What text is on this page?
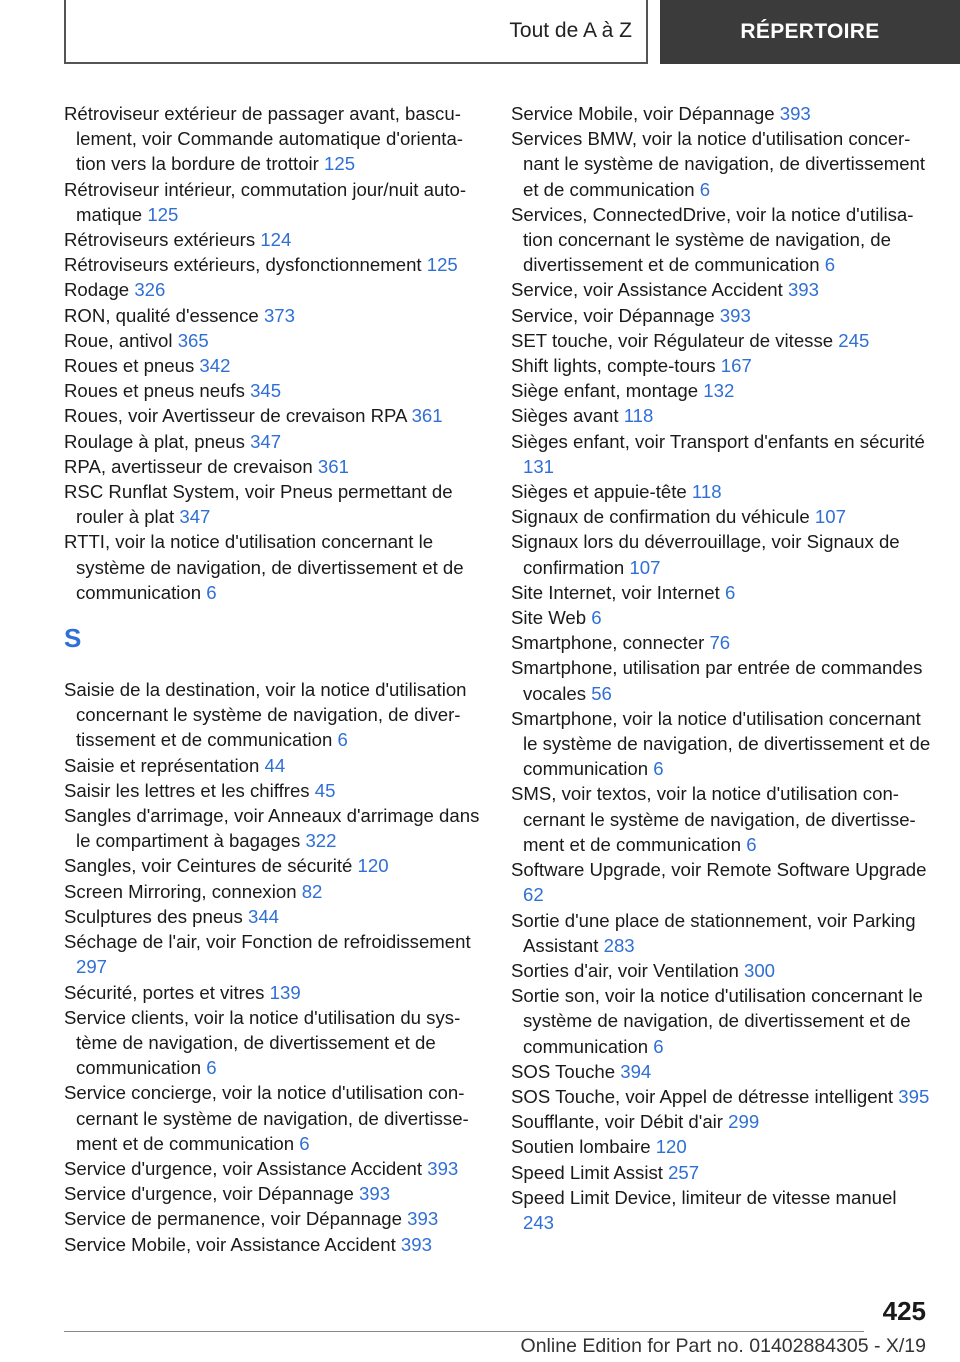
Tout de A à Z	RÉPERTOIRE
Rétroviseur extérieur de passager avant, basculement, voir Commande automatique d'orientation vers la bordure de trottoir 125
Rétroviseur intérieur, commutation jour/nuit automatique 125
Rétroviseurs extérieurs 124
Rétroviseurs extérieurs, dysfonctionnement 125
Rodage 326
RON, qualité d'essence 373
Roue, antivol 365
Roues et pneus 342
Roues et pneus neufs 345
Roues, voir Avertisseur de crevaison RPA 361
Roulage à plat, pneus 347
RPA, avertisseur de crevaison 361
RSC Runflat System, voir Pneus permettant de rouler à plat 347
RTTI, voir la notice d'utilisation concernant le système de navigation, de divertissement et de communication 6
S
Saisie de la destination, voir la notice d'utilisation concernant le système de navigation, de divertissement et de communication 6
Saisie et représentation 44
Saisir les lettres et les chiffres 45
Sangles d'arrimage, voir Anneaux d'arrimage dans le compartiment à bagages 322
Sangles, voir Ceintures de sécurité 120
Screen Mirroring, connexion 82
Sculptures des pneus 344
Séchage de l'air, voir Fonction de refroidissement 297
Sécurité, portes et vitres 139
Service clients, voir la notice d'utilisation du système de navigation, de divertissement et de communication 6
Service concierge, voir la notice d'utilisation concernant le système de navigation, de divertissement et de communication 6
Service d'urgence, voir Assistance Accident 393
Service d'urgence, voir Dépannage 393
Service de permanence, voir Dépannage 393
Service Mobile, voir Assistance Accident 393
Service Mobile, voir Dépannage 393
Services BMW, voir la notice d'utilisation concernant le système de navigation, de divertissement et de communication 6
Services, ConnectedDrive, voir la notice d'utilisation concernant le système de navigation, de divertissement et de communication 6
Service, voir Assistance Accident 393
Service, voir Dépannage 393
SET touche, voir Régulateur de vitesse 245
Shift lights, compte-tours 167
Siège enfant, montage 132
Sièges avant 118
Sièges enfant, voir Transport d'enfants en sécurité 131
Sièges et appuie-tête 118
Signaux de confirmation du véhicule 107
Signaux lors du déverrouillage, voir Signaux de confirmation 107
Site Internet, voir Internet 6
Site Web 6
Smartphone, connecter 76
Smartphone, utilisation par entrée de commandes vocales 56
Smartphone, voir la notice d'utilisation concernant le système de navigation, de divertissement et de communication 6
SMS, voir textos, voir la notice d'utilisation concernant le système de navigation, de divertissement et de communication 6
Software Upgrade, voir Remote Software Upgrade 62
Sortie d'une place de stationnement, voir Parking Assistant 283
Sorties d'air, voir Ventilation 300
Sortie son, voir la notice d'utilisation concernant le système de navigation, de divertissement et de communication 6
SOS Touche 394
SOS Touche, voir Appel de détresse intelligent 395
Soufflante, voir Débit d'air 299
Soutien lombaire 120
Speed Limit Assist 257
Speed Limit Device, limiteur de vitesse manuel 243
425
Online Edition for Part no. 01402884305 - X/19
